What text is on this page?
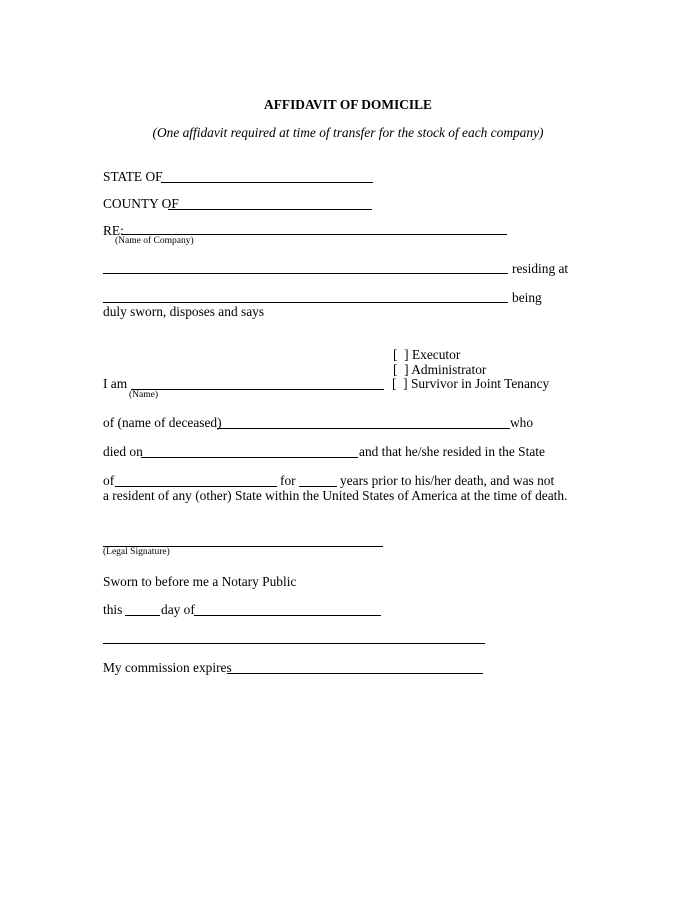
AFFIDAVIT OF DOMICILE
(One affidavit required at time of transfer for the stock of each company)
STATE OF
COUNTY OF
RE:
(Name of Company)
residing at
being
duly sworn, disposes and says
[  ] Executor
[  ] Administrator
[  ] Survivor in Joint Tenancy
I am
(Name)
of (name of deceased)	who
died on	and that he/she resided in the State
of	for	years prior to his/her death, and was not
a resident of any (other) State within the United States of America at the time of death.
(Legal Signature)
Sworn to before me a Notary Public
this	day of
My commission expires
